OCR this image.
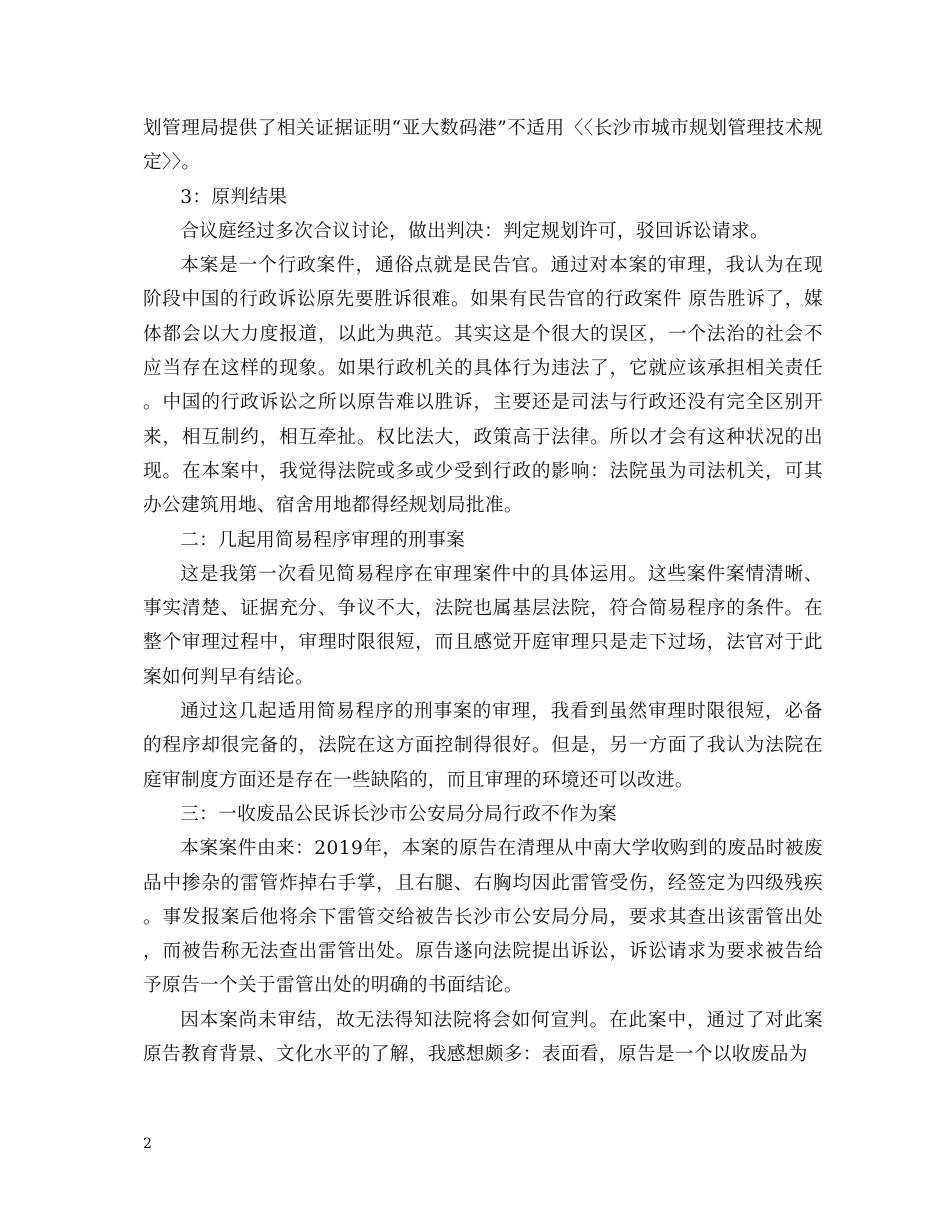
划管理局提供了相关证据证明“亚大数码港”不适用〈〈长沙市城市规划管理技术规定〉〉。

3：原判结果

合议庭经过多次合议讨论，做出判决：判定规划许可，驳回诉讼请求。

本案是一个行政案件，通俗点就是民告官。通过对本案的审理，我认为在现阶段中国的行政诉讼原先要胜诉很难。如果有民告官的行政案件 原告胜诉了，媒体都会以大力度报道，以此为典范。其实这是个很大的误区，一个法治的社会不应当存在这样的现象。如果行政机关的具体行为违法了，它就应该承担相关责任。中国的行政诉讼之所以原告难以胜诉，主要还是司法与行政还没有完全区别开来，相互制约，相互牵扯。权比法大，政策高于法律。所以才会有这种状况的出现。在本案中，我觉得法院或多或少受到行政的影响：法院虽为司法机关，可其办公建筑用地、宿舍用地都得经规划局批准。

二：几起用简易程序审理的刑事案

这是我第一次看见简易程序在审理案件中的具体运用。这些案件案情清晰、事实清楚、证据充分、争议不大，法院也属基层法院，符合简易程序的条件。在整个审理过程中，审理时限很短，而且感觉开庭审理只是走下过场，法官对于此案如何判早有结论。

通过这几起适用简易程序的刑事案的审理，我看到虽然审理时限很短，必备的程序却很完备的，法院在这方面控制得很好。但是，另一方面了我认为法院在庭审制度方面还是存在一些缺陷的，而且审理的环境还可以改进。

三：一收废品公民诉长沙市公安局分局行政不作为案

本案案件由来：2019年，本案的原告在清理从中南大学收购到的废品时被废品中掺杂的雷管炸掉右手掌，且右腿、右胸均因此雷管受伤，经签定为四级残疾。事发报案后他将余下雷管交给被告长沙市公安局分局，要求其查出该雷管出处，而被告称无法查出雷管出处。原告遂向法院提出诉讼，诉讼请求为要求被告给予原告一个关于雷管出处的明确的书面结论。

因本案尚未审结，故无法得知法院将会如何宣判。在此案中，通过了对此案原告教育背景、文化水平的了解，我感想颇多：表面看，原告是一个以收废品为

2
